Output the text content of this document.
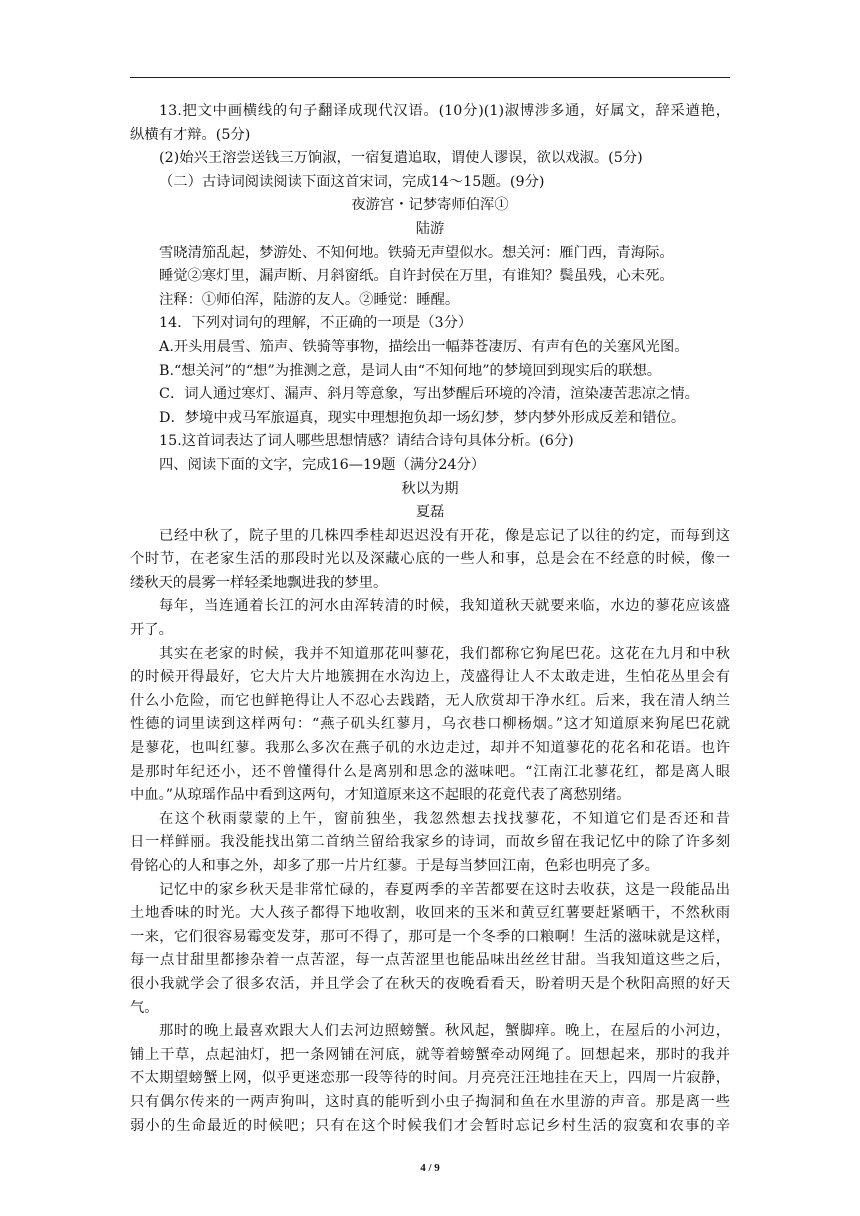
13.把文中画横线的句子翻译成现代汉语。(10分)(1)淑博涉多通，好属文，辞采遒艳，
纵横有才辩。(5分)
(2)始兴王溶尝送钱三万饷淑，一宿复遣追取，谓使人谬误，欲以戏淑。(5分)
（二）古诗词阅读阅读下面这首宋词，完成14～15题。(9分)
夜游宫・记梦寄师伯浑①
陆游
雪晓清笳乱起，梦游处、不知何地。铁骑无声望似水。想关河：雁门西，青海际。
睡觉②寒灯里，漏声断、月斜窗纸。自许封侯在万里，有谁知？鬓虽残，心未死。
注释：①师伯浑，陆游的友人。②睡觉：睡醒。
14．下列对词句的理解，不正确的一项是（3分）
A.开头用晨雪、笳声、铁骑等事物，描绘出一幅莽苍凄厉、有声有色的关塞风光图。
B.“想关河”的“想”为推测之意，是词人由“不知何地”的梦境回到现实后的联想。
C．词人通过寒灯、漏声、斜月等意象，写出梦醒后环境的冷清，渲染凄苦悲凉之情。
D．梦境中戎马军旅逼真，现实中理想抱负却一场幻梦，梦内梦外形成反差和错位。
15.这首词表达了词人哪些思想情感？请结合诗句具体分析。(6分)
四、阅读下面的文字，完成16—19题（满分24分）
秋以为期
夏磊
已经中秋了，院子里的几株四季桂却迟迟没有开花，像是忘记了以往的约定，而每到这
个时节，在老家生活的那段时光以及深藏心底的一些人和事，总是会在不经意的时候，像一
缕秋天的晨雾一样轻柔地飘进我的梦里。
每年，当连通着长江的河水由浑转清的时候，我知道秋天就要来临，水边的蓼花应该盛
开了。
其实在老家的时候，我并不知道那花叫蓼花，我们都称它狗尾巴花。这花在九月和中秋
的时候开得最好，它大片大片地簇拥在水沟边上，茂盛得让人不太敢走进，生怕花丛里会有
什么小危险，而它也鲜艳得让人不忍心去践踏，无人欣赏却干净水红。后来，我在清人纳兰
性德的词里读到这样两句：“燕子矶头红蓼月，乌衣巷口柳杨烟。”这才知道原来狗尾巴花就
是蓼花，也叫红蓼。我那么多次在燕子矶的水边走过，却并不知道蓼花的花名和花语。也许
是那时年纪还小，还不曾懂得什么是离别和思念的滋味吧。“江南江北蓼花红，都是离人眼
中血。”从琼瑶作品中看到这两句，才知道原来这不起眼的花竟代表了离愁别绪。
在这个秋雨蒙蒙的上午，窗前独坐，我忽然想去找找蓼花，不知道它们是否还和昔
日一样鲜丽。我没能找出第二首纳兰留给我家乡的诗词，而故乡留在我记忆中的除了许多刻
骨铭心的人和事之外，却多了那一片片红蓼。于是每当梦回江南，色彩也明亮了多。
记忆中的家乡秋天是非常忙碌的，春夏两季的辛苦都要在这时去收获，这是一段能品出
土地香味的时光。大人孩子都得下地收割，收回来的玉米和黄豆红薯要赶紧晒干，不然秋雨
一来，它们很容易霉变发芽，那可不得了，那可是一个冬季的口粮啊！生活的滋味就是这样，
每一点甘甜里都掺杂着一点苦涩，每一点苦涩里也能品味出丝丝甘甜。当我知道这些之后，
很小我就学会了很多农活，并且学会了在秋天的夜晚看看天，盼着明天是个秋阳高照的好天
气。
那时的晚上最喜欢跟大人们去河边照螃蟹。秋风起，蟹脚痒。晚上，在屋后的小河边，
铺上干草，点起油灯，把一条网铺在河底，就等着螃蟹牵动网绳了。回想起来，那时的我并
不太期望螃蟹上网，似乎更迷恋那一段等待的时间。月亮亮汪汪地挂在天上，四周一片寂静，
只有偶尔传来的一两声狗叫，这时真的能听到小虫子掏洞和鱼在水里游的声音。那是离一些
弱小的生命最近的时候吧；只有在这个时候我们才会暂时忘记乡村生活的寂寞和农事的辛
4 / 9
